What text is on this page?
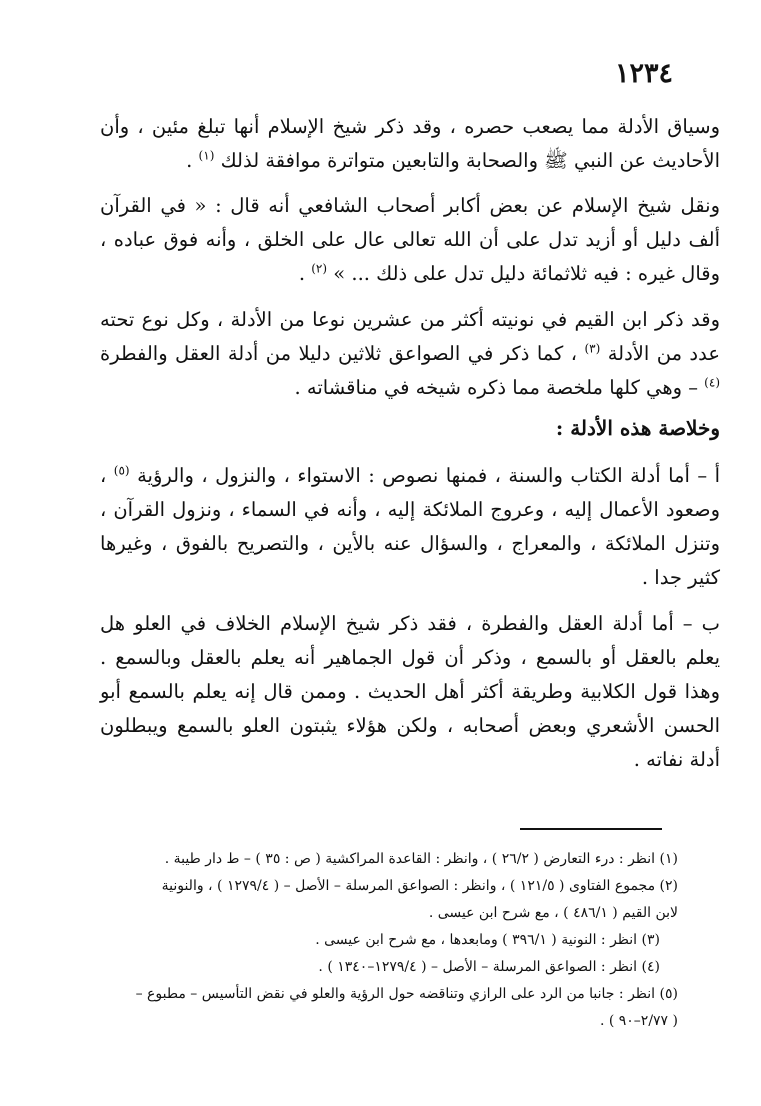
١٢٣٤

وسياق الأدلة مما يصعب حصره ، وقد ذكر شيخ الإسلام أنها تبلغ مئين ، وأن الأحاديث عن النبي ﷺ والصحابة والتابعين متواترة موافقة لذلك $^{(١)}$ .

ونقل شيخ الإسلام عن بعض أكابر أصحاب الشافعي أنه قال : « في القرآن ألف دليل أو أزيد تدل على أن الله تعالى عال على الخلق ، وأنه فوق عباده ، وقال غيره : فيه ثلاثمائة دليل تدل على ذلك ... » $^{(٢)}$ .

وقد ذكر ابن القيم في نونيته أكثر من عشرين نوعا من الأدلة ، وكل نوع تحته عدد من الأدلة $^{(٣)}$ ، كما ذكر في الصواعق ثلاثين دليلا من أدلة العقل والفطرة $^{(٤)}$ – وهي كلها ملخصة مما ذكره شيخه في مناقشاته .

وخلاصة هذه الأدلة :

أ – أما أدلة الكتاب والسنة ، فمنها نصوص : الاستواء ، والنزول ، والرؤية $^{(٥)}$ ، وصعود الأعمال إليه ، وعروج الملائكة إليه ، وأنه في السماء ، ونزول القرآن ، وتنزل الملائكة ، والمعراج ، والسؤال عنه بالأين ، والتصريح بالفوق ، وغيرها كثير جدا .

ب – أما أدلة العقل والفطرة ، فقد ذكر شيخ الإسلام الخلاف في العلو هل يعلم بالعقل أو بالسمع ، وذكر أن قول الجماهير أنه يعلم بالعقل وبالسمع . وهذا قول الكلابية وطريقة أكثر أهل الحديث . وممن قال إنه يعلم بالسمع أبو الحسن الأشعري وبعض أصحابه ، ولكن هؤلاء يثبتون العلو بالسمع ويبطلون أدلة نفاته .

(١) انظر : درء التعارض ( ٢٦/٢ ) ، وانظر : القاعدة المراكشية ( ص : ٣٥ ) – ط دار طيبة .

(٢) مجموع الفتاوى ( ١٢١/٥ ) ، وانظر : الصواعق المرسلة – الأصل – ( ١٢٧٩/٤ ) ، والنونية

لابن القيم ( ٤٨٦/١ ) ، مع شرح ابن عيسى .

(٣) انظر : النونية ( ٣٩٦/١ ) ومابعدها ، مع شرح ابن عيسى .

(٤) انظر : الصواعق المرسلة – الأصل – ( ١٢٧٩/٤–١٣٤٠ ) .

(٥) انظر : جانبا من الرد على الرازي وتناقضه حول الرؤية والعلو في نقض التأسيس – مطبوع –

( ٢/٧٧–٩٠ ) .
